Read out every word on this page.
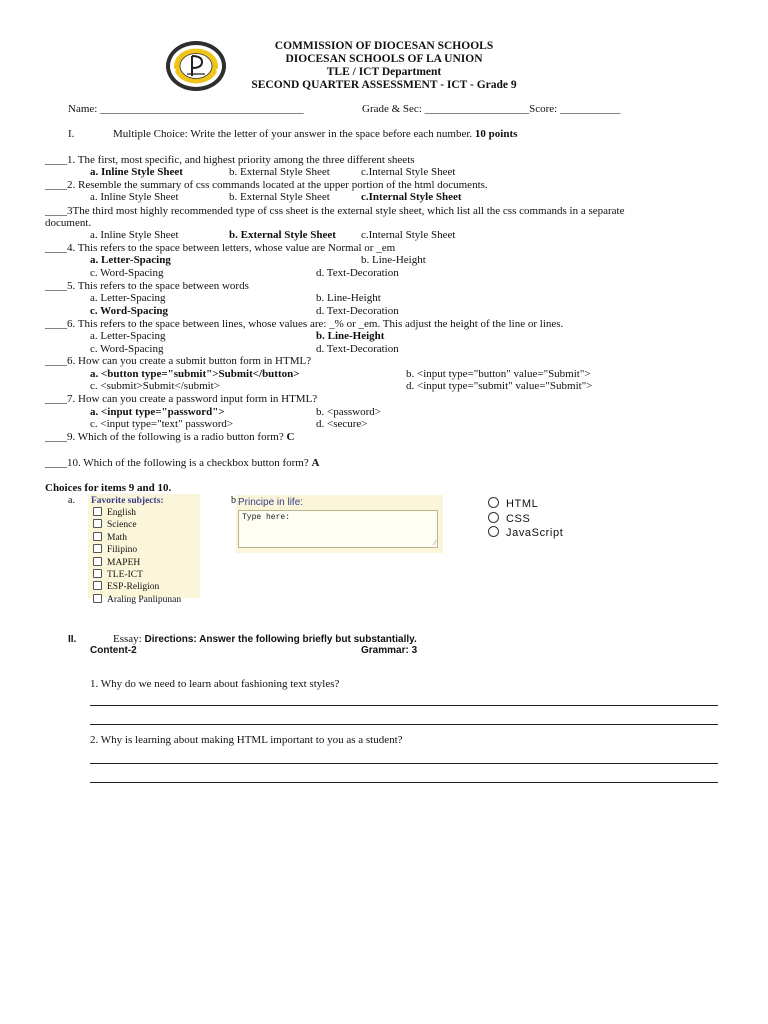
COMMISSION OF DIOCESAN SCHOOLS
DIOCESAN SCHOOLS OF LA UNION
TLE / ICT Department
SECOND QUARTER ASSESSMENT - ICT - Grade 9
Name: _____________________________________	Grade & Sec: ___________________Score: ___________
I.	Multiple Choice: Write the letter of your answer in the space before each number. 10 points
____1. The first, most specific, and highest priority among the three different sheets
a. Inline Style Sheet	b. External Style Sheet	c.Internal Style Sheet
____2. Resemble the summary of css commands located at the upper portion of the html documents.
a. Inline Style Sheet	b. External Style Sheet	c.Internal Style Sheet
____3The third most highly recommended type of css sheet is the external style sheet, which list all the css commands in a separate
document.
a. Inline Style Sheet	b. External Style Sheet c.Internal Style Sheet
____4. This refers to the space between letters, whose value are Normal or _em
a. Letter-Spacing	b. Line-Height
c. Word-Spacing	d. Text-Decoration
____5. This refers to the space between words
a. Letter-Spacing	b. Line-Height
c. Word-Spacing	d. Text-Decoration
____6. This refers to the space between lines, whose values are: _% or _em. This adjust the height of the line or lines.
a. Letter-Spacing	b. Line-Height
c. Word-Spacing	d. Text-Decoration
____6. How can you create a submit button form in HTML?
a. <button type="submit">Submit</button>	b. <input type="button" value="Submit">
c. <submit>Submit</submit>	d. <input type="submit" value="Submit">
____7. How can you create a password input form in HTML?
a. <input type="password">	b. <password>
c. <input type="text" password>	d. <secure>
____9. Which of the following is a radio button form? C
____10. Which of the following is a checkbox button form? A
Choices for items 9 and 10.
a. Favorite subjects:
English
Science
Math
Filipino
MAPEH
TLE-ICT
ESP-Religion
Araling Panlipunan
b Principe in life:
Type here:
⁄⁄
HTML
CSS
JavaScript
II.	Essay: Directions: Answer the following briefly but substantially.
Content-2	Grammar: 3
1. Why do we need to learn about fashioning text styles?
2. Why is learning about making HTML important to you as a student?
